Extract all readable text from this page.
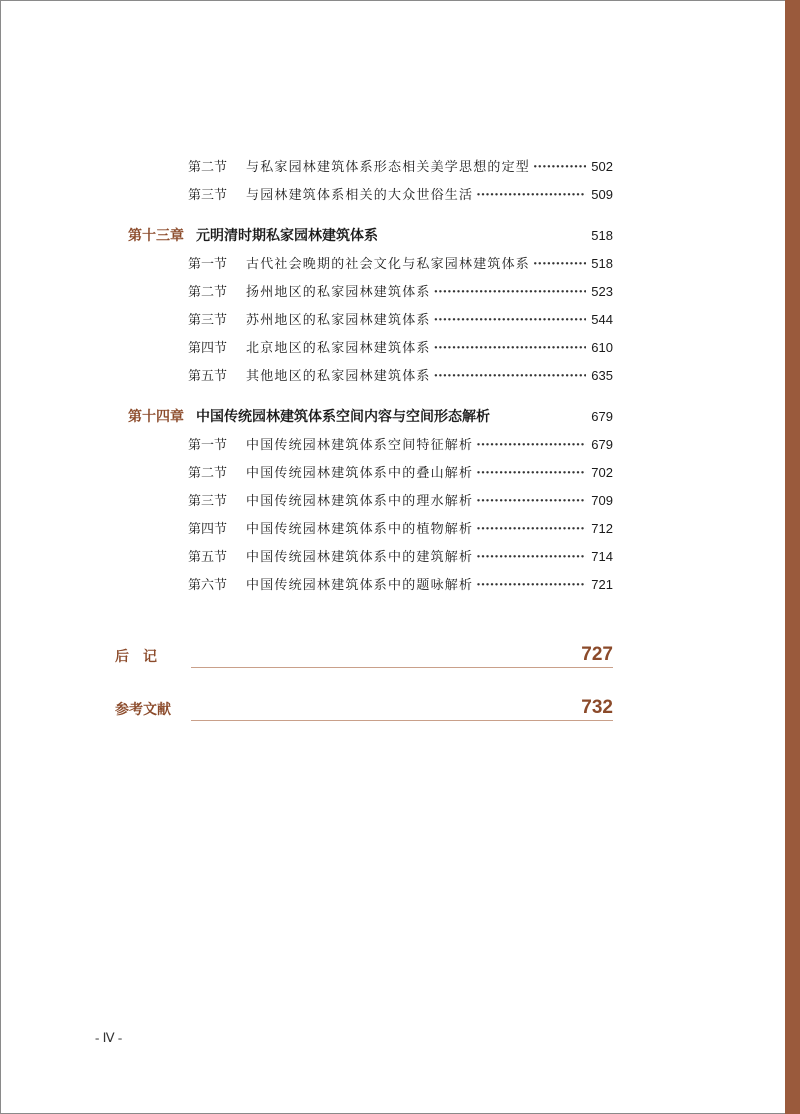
第二节	与私家园林建筑体系形态相关美学思想的定型 ·····	502
第三节	与园林建筑体系相关的大众世俗生活 ·····	509
第十三章 元明清时期私家园林建筑体系	518
第一节	古代社会晚期的社会文化与私家园林建筑体系 ·····	518
第二节	扬州地区的私家园林建筑体系 ·····	523
第三节	苏州地区的私家园林建筑体系 ·····	544
第四节	北京地区的私家园林建筑体系 ·····	610
第五节	其他地区的私家园林建筑体系 ·····	635
第十四章 中国传统园林建筑体系空间内容与空间形态解析	679
第一节	中国传统园林建筑体系空间特征解析 ·····	679
第二节	中国传统园林建筑体系中的叠山解析 ·····	702
第三节	中国传统园林建筑体系中的理水解析 ·····	709
第四节	中国传统园林建筑体系中的植物解析 ·····	712
第五节	中国传统园林建筑体系中的建筑解析 ·····	714
第六节	中国传统园林建筑体系中的题咏解析 ·····	721
后　记	727
参考文献	732
- Ⅳ -
